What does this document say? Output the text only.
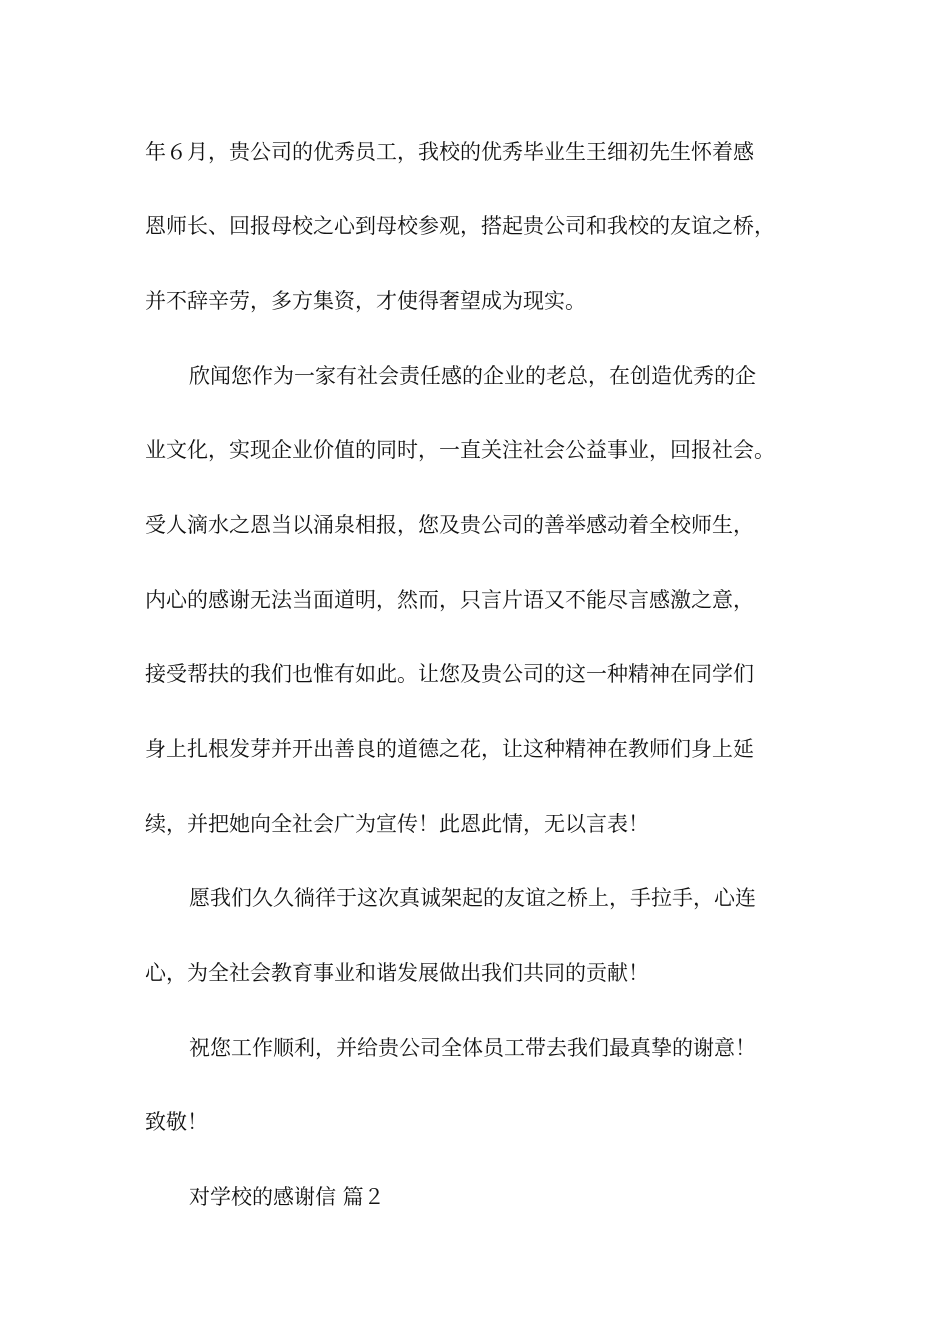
年６月，贵公司的优秀员工，我校的优秀毕业生王细初先生怀着感
恩师长、回报母校之心到母校参观，搭起贵公司和我校的友谊之桥，
并不辞辛劳，多方集资，才使得奢望成为现实。
欣闻您作为一家有社会责任感的企业的老总，在创造优秀的企
业文化，实现企业价值的同时，一直关注社会公益事业，回报社会。
受人滴水之恩当以涌泉相报，您及贵公司的善举感动着全校师生，
内心的感谢无法当面道明，然而，只言片语又不能尽言感激之意，
接受帮扶的我们也惟有如此。让您及贵公司的这一种精神在同学们
身上扎根发芽并开出善良的道德之花，让这种精神在教师们身上延
续，并把她向全社会广为宣传！此恩此情，无以言表！
愿我们久久徜徉于这次真诚架起的友谊之桥上，手拉手，心连
心，为全社会教育事业和谐发展做出我们共同的贡献！
祝您工作顺利，并给贵公司全体员工带去我们最真挚的谢意！
致敬！
对学校的感谢信 篇２
